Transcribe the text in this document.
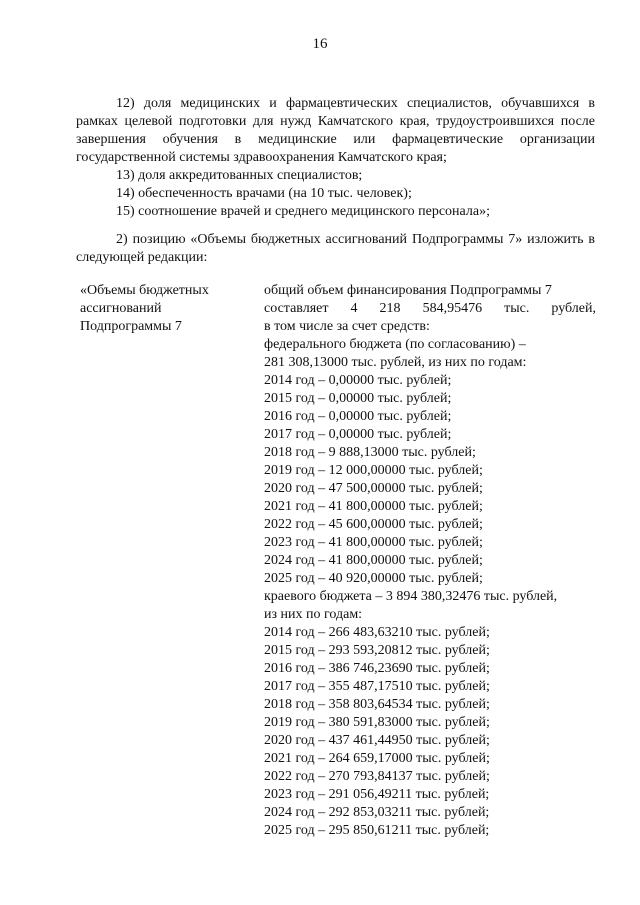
16

12) доля медицинских и фармацевтических специалистов, обучавшихся в рамках целевой подготовки для нужд Камчатского края, трудоустроившихся после завершения обучения в медицинские или фармацевтические организации государственной системы здравоохранения Камчатского края;

13) доля аккредитованных специалистов;

14) обеспеченность врачами (на 10 тыс. человек);

15) соотношение врачей и среднего медицинского персонала»;

2) позицию «Объемы бюджетных ассигнований Подпрограммы 7» изложить в следующей редакции:

«Объемы бюджетных
ассигнований
Подпрограммы 7
общий объем финансирования Подпрограммы 7
составляет 4 218 584,95476 тыс. рублей,
в том числе за счет средств:
федерального бюджета (по согласованию) –
281 308,13000 тыс. рублей, из них по годам:
2014 год – 0,00000 тыс. рублей;
2015 год – 0,00000 тыс. рублей;
2016 год – 0,00000 тыс. рублей;
2017 год – 0,00000 тыс. рублей;
2018 год – 9 888,13000 тыс. рублей;
2019 год – 12 000,00000 тыс. рублей;
2020 год – 47 500,00000 тыс. рублей;
2021 год – 41 800,00000 тыс. рублей;
2022 год – 45 600,00000 тыс. рублей;
2023 год – 41 800,00000 тыс. рублей;
2024 год – 41 800,00000 тыс. рублей;
2025 год – 40 920,00000 тыс. рублей;
краевого бюджета – 3 894 380,32476 тыс. рублей,
из них по годам:
2014 год – 266 483,63210 тыс. рублей;
2015 год – 293 593,20812 тыс. рублей;
2016 год – 386 746,23690 тыс. рублей;
2017 год – 355 487,17510 тыс. рублей;
2018 год – 358 803,64534 тыс. рублей;
2019 год – 380 591,83000 тыс. рублей;
2020 год – 437 461,44950 тыс. рублей;
2021 год – 264 659,17000 тыс. рублей;
2022 год – 270 793,84137 тыс. рублей;
2023 год – 291 056,49211 тыс. рублей;
2024 год – 292 853,03211 тыс. рублей;
2025 год – 295 850,61211 тыс. рублей;
